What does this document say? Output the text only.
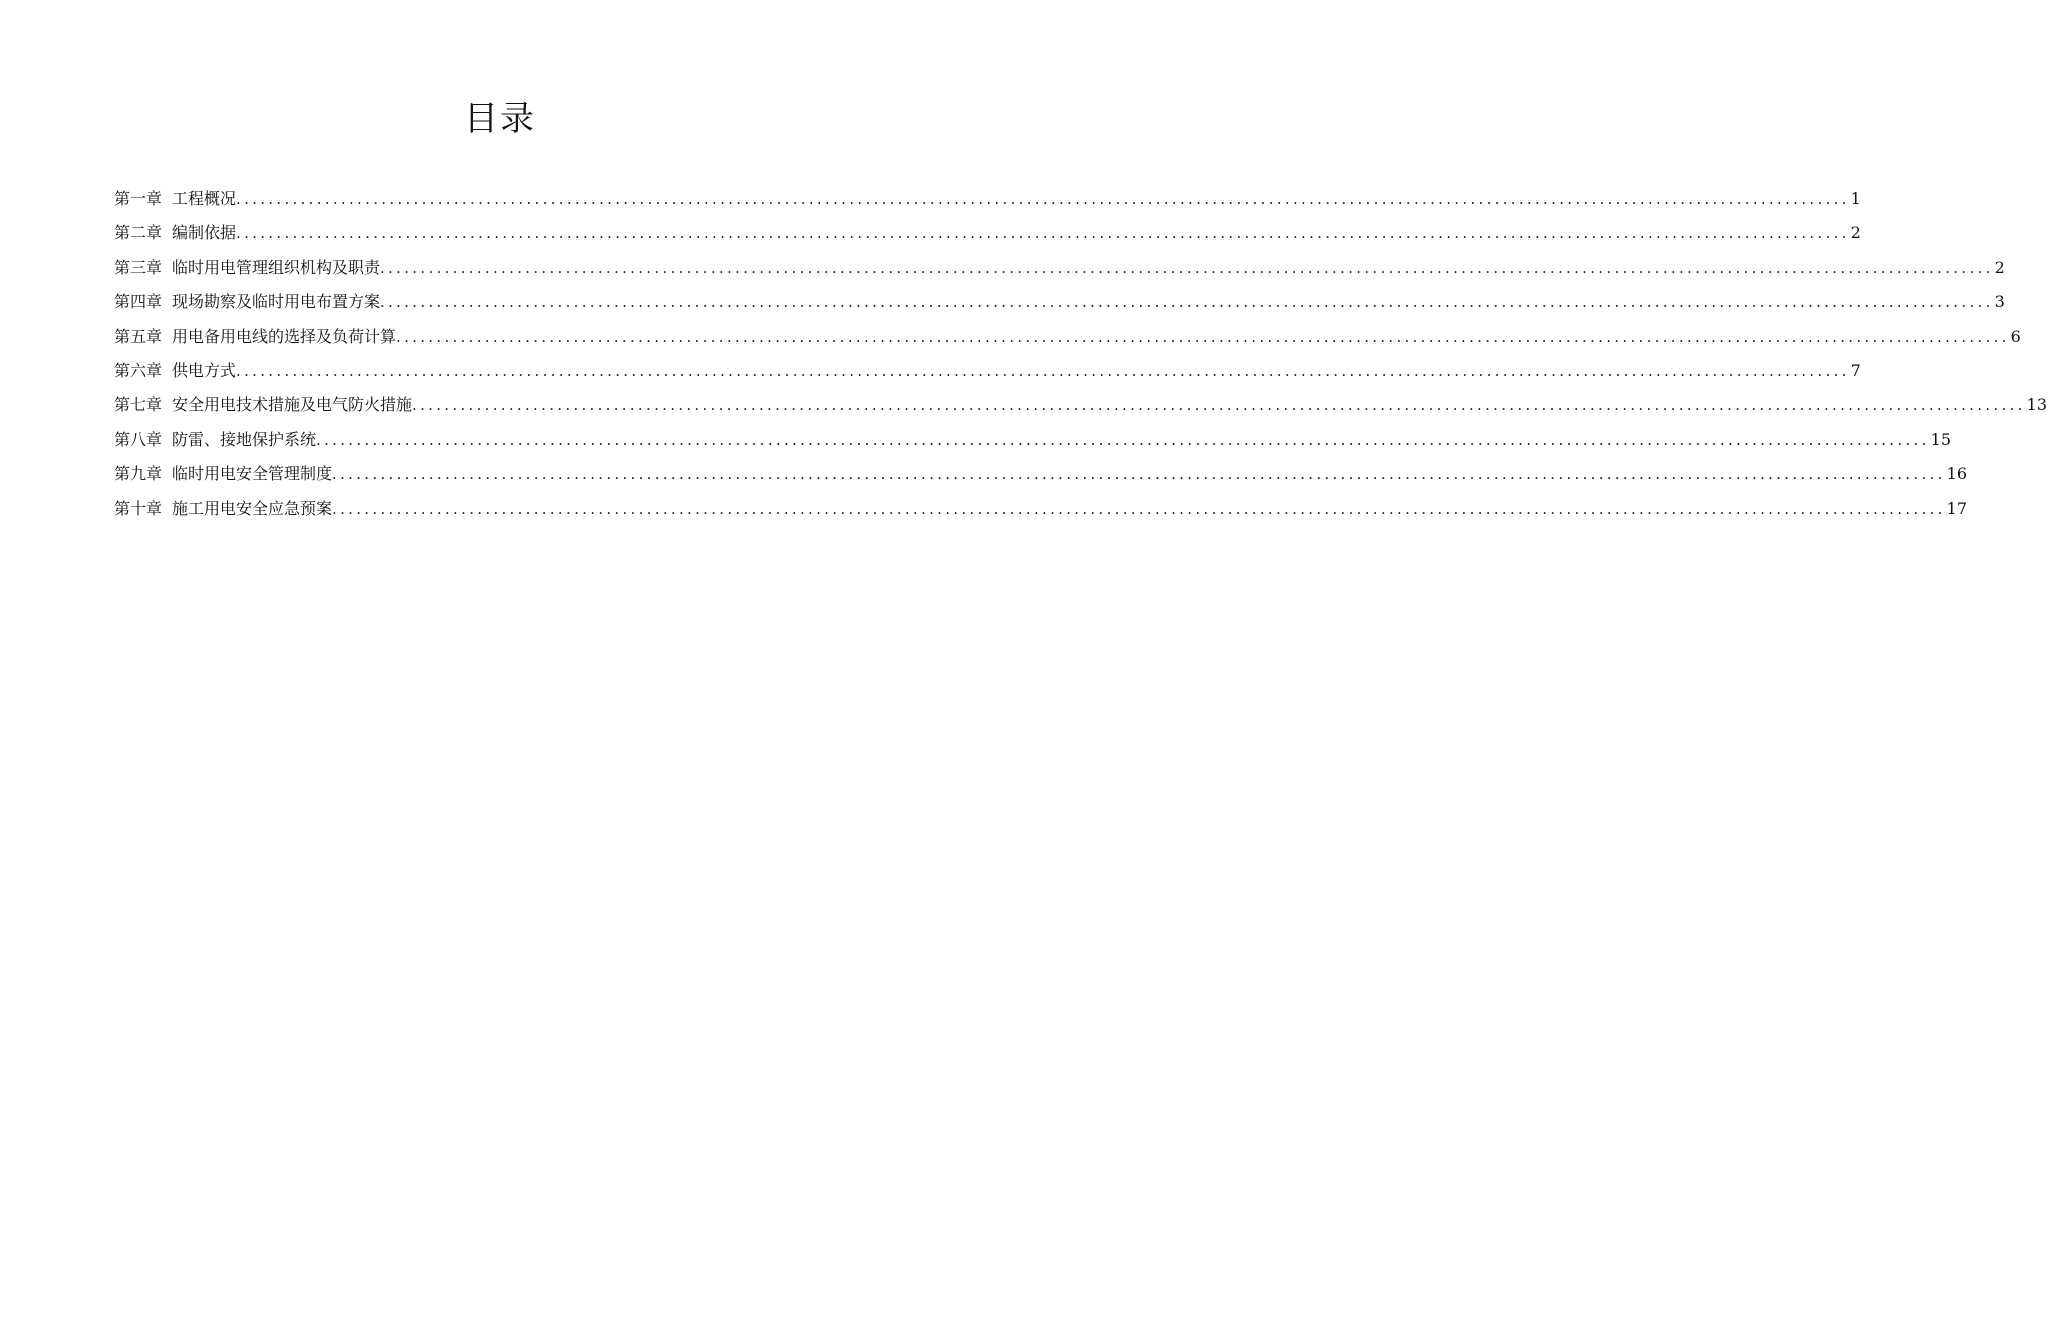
目录
第一章 工程概况 ........................................................................................................................................................................................................ 1
第二章 编制依据 ........................................................................................................................................................................................................ 2
第三章 临时用电管理组织机构及职责 ........................................................................................................................................................................................................ 2
第四章 现场勘察及临时用电布置方案 ........................................................................................................................................................................................................ 3
第五章 用电备用电线的选择及负荷计算 ........................................................................................................................................................................................................ 6
第六章 供电方式 ........................................................................................................................................................................................................ 7
第七章 安全用电技术措施及电气防火措施 ........................................................................................................................................................................................................ 13
第八章 防雷、接地保护系统 ........................................................................................................................................................................................................ 15
第九章 临时用电安全管理制度 ........................................................................................................................................................................................................ 16
第十章 施工用电安全应急预案 ........................................................................................................................................................................................................ 17
